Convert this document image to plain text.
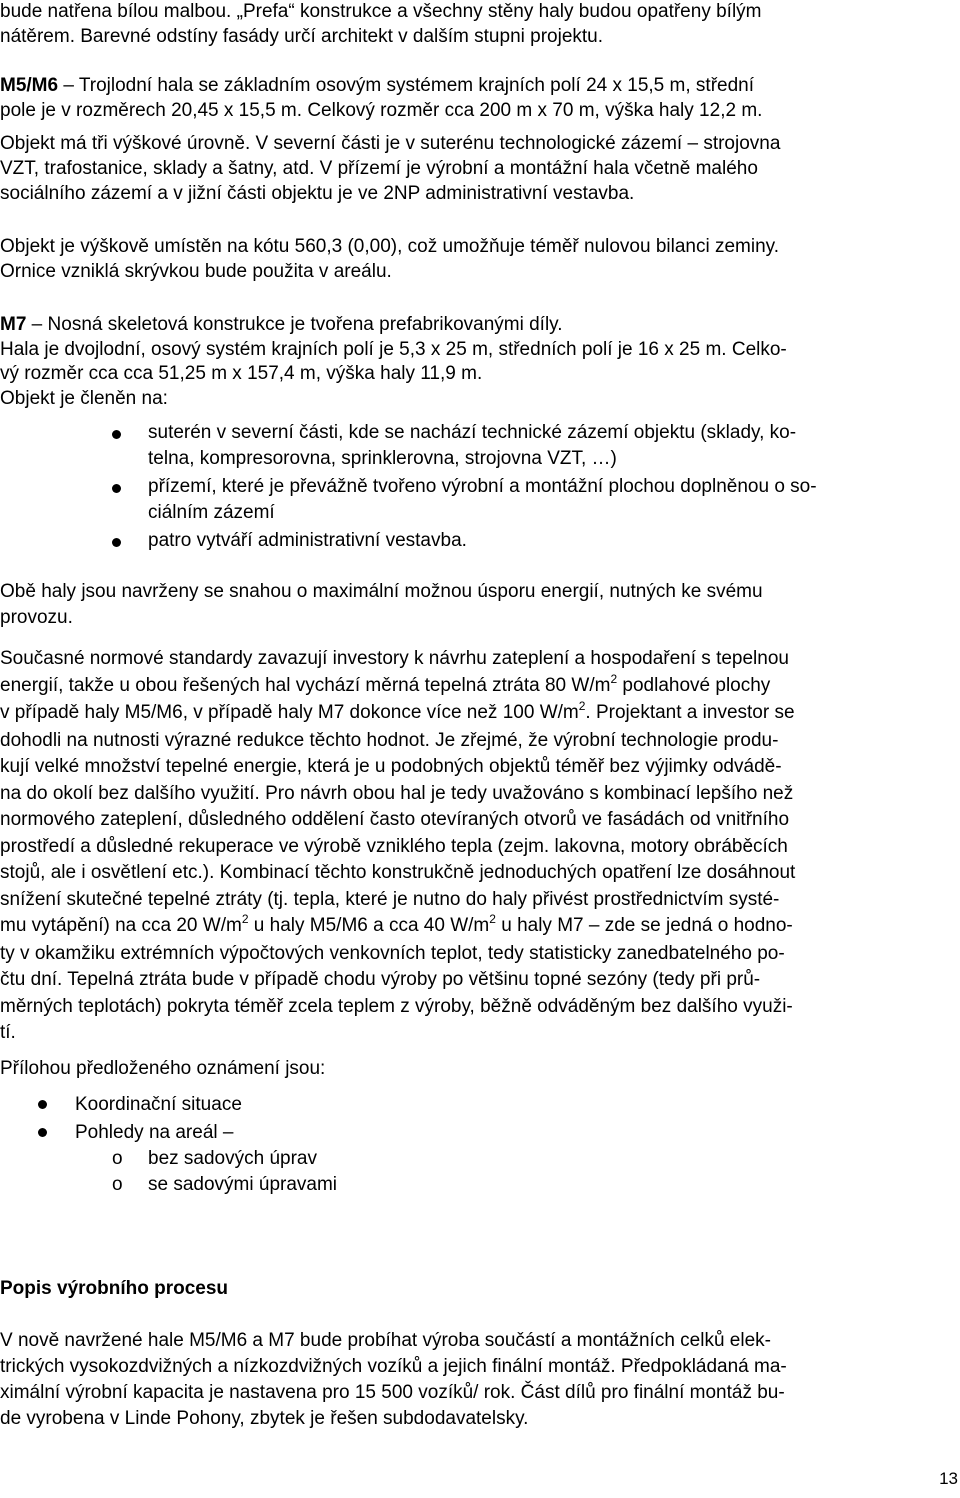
bude natřena bílou malbou. „Prefa“ konstrukce a všechny stěny haly budou opatřeny bílým
nátěrem. Barevné odstíny fasády určí architekt v dalším stupni projektu.
M5/M6 – Trojlodní hala se základním osovým systémem krajních polí 24 x 15,5 m, střední
pole je v rozměrech 20,45 x 15,5 m. Celkový rozměr cca 200 m x 70 m, výška haly 12,2 m.
Objekt má tři výškové úrovně. V severní části je v suterénu technologické zázemí – strojovna
VZT, trafostanice, sklady a šatny, atd. V přízemí je výrobní a montážní hala včetně malého
sociálního zázemí a v jižní části objektu je ve 2NP administrativní vestavba.
Objekt je výškově umístěn na kótu 560,3 (0,00), což umožňuje téměř nulovou bilanci zeminy.
Ornice vzniklá skrývkou bude použita v areálu.
M7 – Nosná skeletová konstrukce je tvořena prefabrikovanými díly.
Hala je dvojlodní, osový systém krajních polí je 5,3 x 25 m, středních polí je 16 x 25 m. Celko-
vý rozměr cca cca 51,25 m x 157,4 m, výška haly 11,9 m.
Objekt je členěn na:
suterén v severní části, kde se nachází technické zázemí objektu (sklady, ko-
telna, kompresorovna, sprinklerovna, strojovna VZT, …)
přízemí, které je převážně tvořeno výrobní a montážní plochou doplněnou o so-
ciálním zázemí
patro vytváří administrativní vestavba.
Obě haly jsou navrženy se snahou o maximální možnou úsporu energií, nutných ke svému
provozu.
Současné normové standardy zavazují investory k návrhu zateplení a hospodaření s tepelnou
energií, takže u obou řešených hal vychází měrná tepelná ztráta 80 $W/m^2$ podlahové plochy
v případě haly M5/M6, v případě haly M7 dokonce více než 100 $W/m^2$. Projektant a investor se
dohodli na nutnosti výrazné redukce těchto hodnot. Je zřejmé, že výrobní technologie produ-
kují velké množství tepelné energie, která je u podobných objektů téměř bez výjimky odvádě-
na do okolí bez dalšího využití. Pro návrh obou hal je tedy uvažováno s kombinací lepšího než
normového zateplení, důsledného oddělení často otevíraných otvorů ve fasádách od vnitřního
prostředí a důsledné rekuperace ve výrobě vzniklého tepla (zejm. lakovna, motory obráběcích
stojů, ale i osvětlení etc.). Kombinací těchto konstrukčně jednoduchých opatření lze dosáhnout
snížení skutečné tepelné ztráty (tj. tepla, které je nutno do haly přivést prostřednictvím systé-
mu vytápění) na cca 20 $W/m^2$ u haly M5/M6 a cca 40 $W/m^2$ u haly M7 – zde se jedná o hodno-
ty v okamžiku extrémních výpočtových venkovních teplot, tedy statisticky zanedbatelného po-
čtu dní. Tepelná ztráta bude v případě chodu výroby po většinu topné sezóny (tedy při prů-
měrných teplotách) pokryta téměř zcela teplem z výroby, běžně odváděným bez dalšího využi-
tí.
Přílohou předloženého oznámení jsou:
Koordinační situace
Pohledy na areál –
o bez sadových úprav
o se sadovými úpravami
Popis výrobního procesu
V nově navržené hale M5/M6 a M7 bude probíhat výroba součástí a montážních celků elek-
trických vysokozdvižných a nízkozdvižných vozíků a jejich finální montáž. Předpokládaná ma-
ximální výrobní kapacita je nastavena pro 15 500 vozíků/ rok. Část dílů pro finální montáž bu-
de vyrobena v Linde Pohony, zbytek je řešen subdodavatelsky.
13
